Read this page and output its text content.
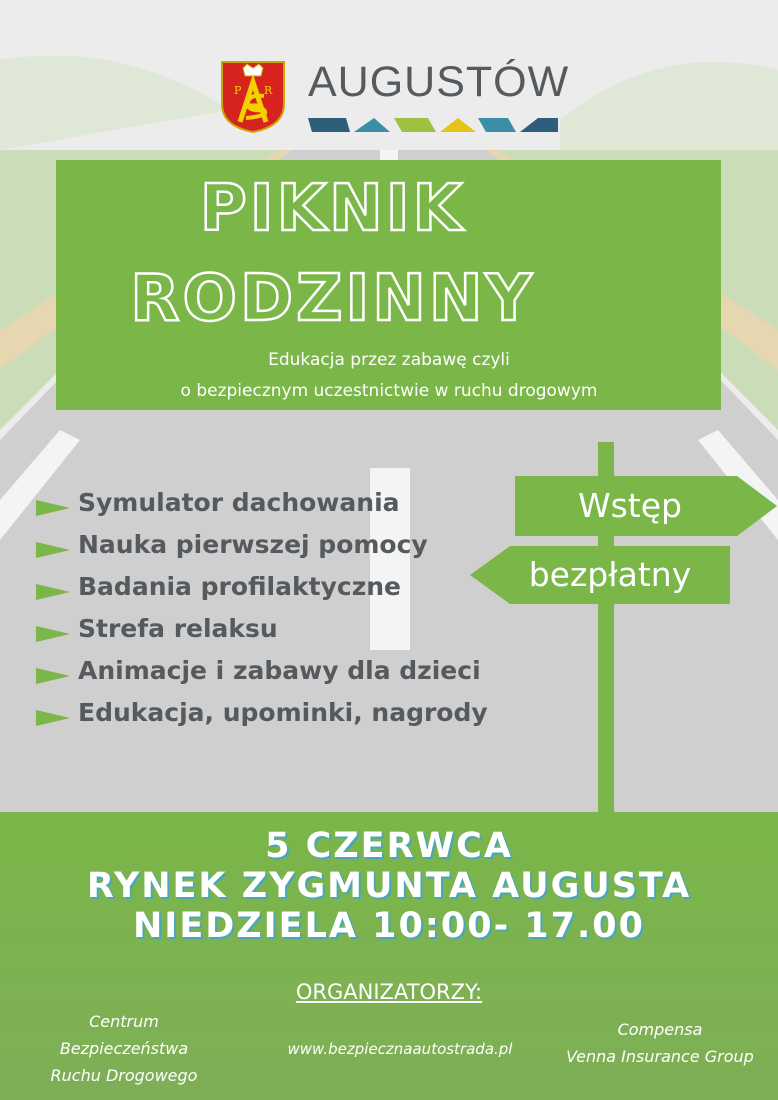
P R AUGUSTÓW
PIKNIK
RODZINNY
Edukacja przez zabawę czyli
o bezpiecznym uczestnictwie w ruchu drogowym
Symulator dachowania
Nauka pierwszej pomocy
Badania profilaktyczne
Strefa relaksu
Animacje i zabawy dla dzieci
Edukacja, upominki, nagrody
Wstęp
bezpłatny
5 CZERWCA
RYNEK ZYGMUNTA AUGUSTA
NIEDZIELA 10:00- 17.00
ORGANIZATORZY:
Centrum
Bezpieczeństwa
Ruchu Drogowego
www.bezpiecznaautostrada.pl
Compensa
Venna Insurance Group
